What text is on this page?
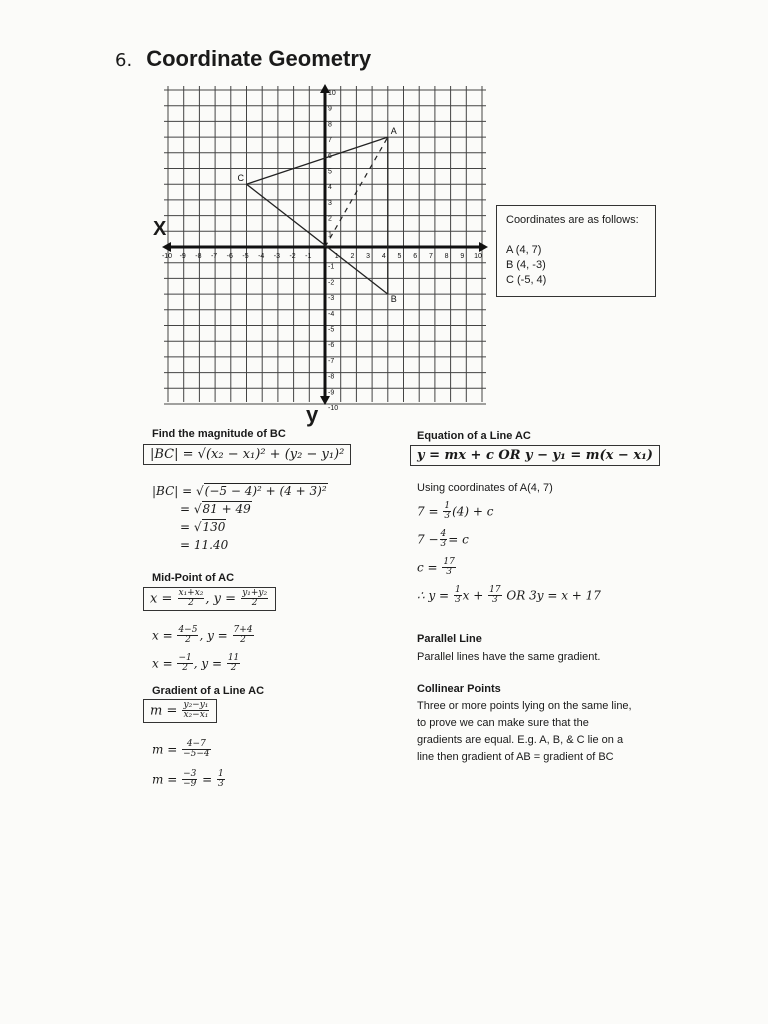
6. Coordinate Geometry
-10
-10
-9
-9
-8
-8
-7
-7
-6
-6
-5
-5
-4
-4
-3
-3
-2
-2
-1
-1
1
1
2
2
3
3
4
4
5
5
6 7
7
8
8
9
9
10
10
A
B
C
X
y
Coordinates are as follows:
A (4, 7)
B (4, -3)
C (-5, 4)
Find the magnitude of BC
|BC| = √(x₂ − x₁)² + (y₂ − y₁)²
|BC| = √(−5 − 4)² + (4 + 3)²
= √81 + 49
= √130
= 11.40
Mid-Point of AC
$x = \frac{\text{x₁+x₂}}{2}$ , $y = \frac{\text{y₁+y₂}}{2}$
$x = \frac{4-5}{2}$ , $y = \frac{7+4}{2}$
$x = \frac{-1}{2}$ , $y = \frac{11}{2}$
Gradient of a Line AC
$m = \frac{\text{y₂−y₁}}{\text{x₂−x₁}}$
$m = \frac{4-7}{-5-4}$
$m = \frac{-3}{-9} = \frac{1}{3}$
Equation of a Line AC
y = mx + c OR y − y₁ = m(x − x₁)
Using coordinates of A(4, 7)
$7 = \frac{1}{3} (4) + c$
$7 - \frac{4}{3} = c$
$c = \frac{17}{3}$
∴ $y = \frac{1}{3}$ $x + \frac{17}{3}$ OR 3y = x + 17
Parallel Line
Parallel lines have the same gradient.
Collinear Points
Three or more points lying on the same line,
to prove we can make sure that the
gradients are equal. E.g. A, B, & C lie on a
line then gradient of AB = gradient of BC
